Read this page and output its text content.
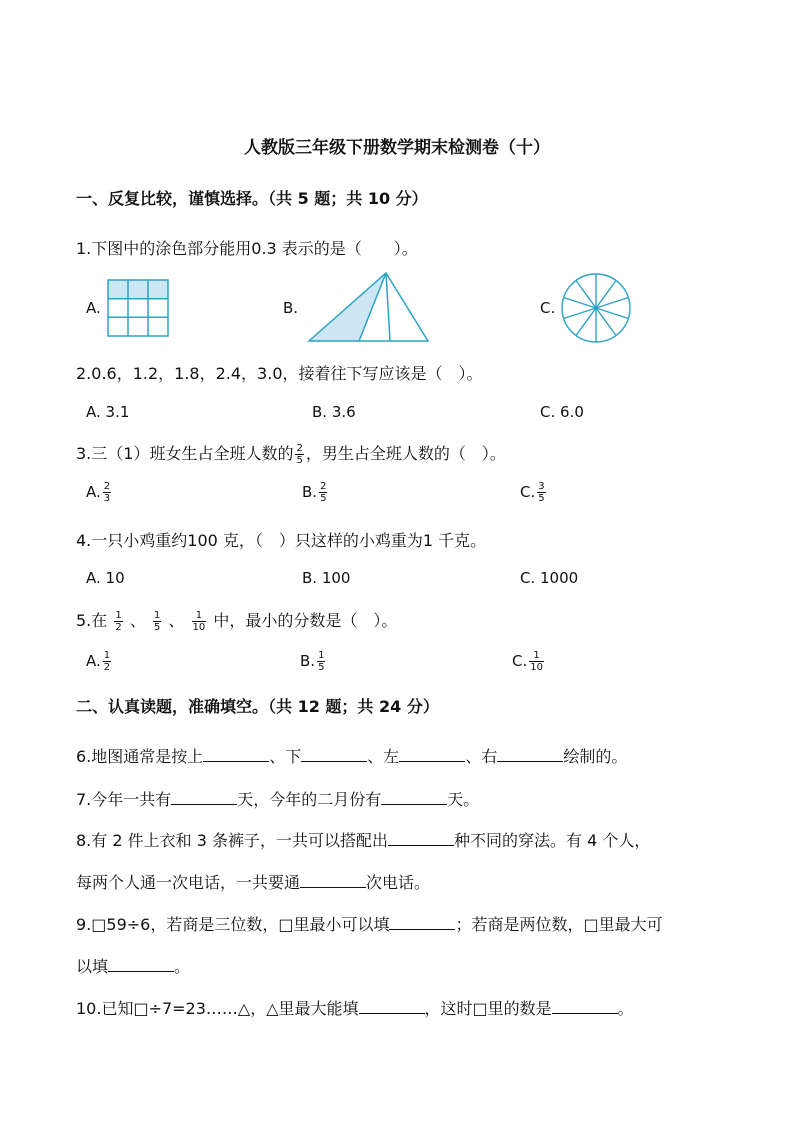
人教版三年级下册数学期末检测卷（十）
一、反复比较，谨慎选择。（共 5 题；共 10 分）
1.下图中的涂色部分能用0.3 表示的是（　　）。
A.	B.	C.
2.0.6，1.2，1.8，2.4，3.0，接着往下写应该是（　）。
A. 3.1	B. 3.6	C. 6.0
3.三（1）班女生占全班人数的 $\frac{2}{5}$ ，男生占全班人数的（　）。
A. $\frac{2}{3}$	B. $\frac{2}{5}$	C. $\frac{3}{5}$
4.一只小鸡重约100 克，（　）只这样的小鸡重为1 千克。
A. 10	B. 100	C. 1000
5.在 $\frac{1}{2}$ 、 $\frac{1}{5}$ 、 $\frac{1}{10}$ 中，最小的分数是（　）。
A. $\frac{1}{2}$	B. $\frac{1}{5}$	C. $\frac{1}{10}$
二、认真读题，准确填空。（共 12 题；共 24 分）
6.地图通常是按上	、下	、左	、右	绘制的。
7.今年一共有	天，今年的二月份有	天。
8.有 2 件上衣和 3 条裤子，一共可以搭配出	种不同的穿法。有 4 个人，
每两个人通一次电话，一共要通	次电话。
9.□59÷6，若商是三位数，□里最小可以填	；若商是两位数，□里最大可
以填	。
10.已知□÷7=23……△，△里最大能填	，这时□里的数是	。
